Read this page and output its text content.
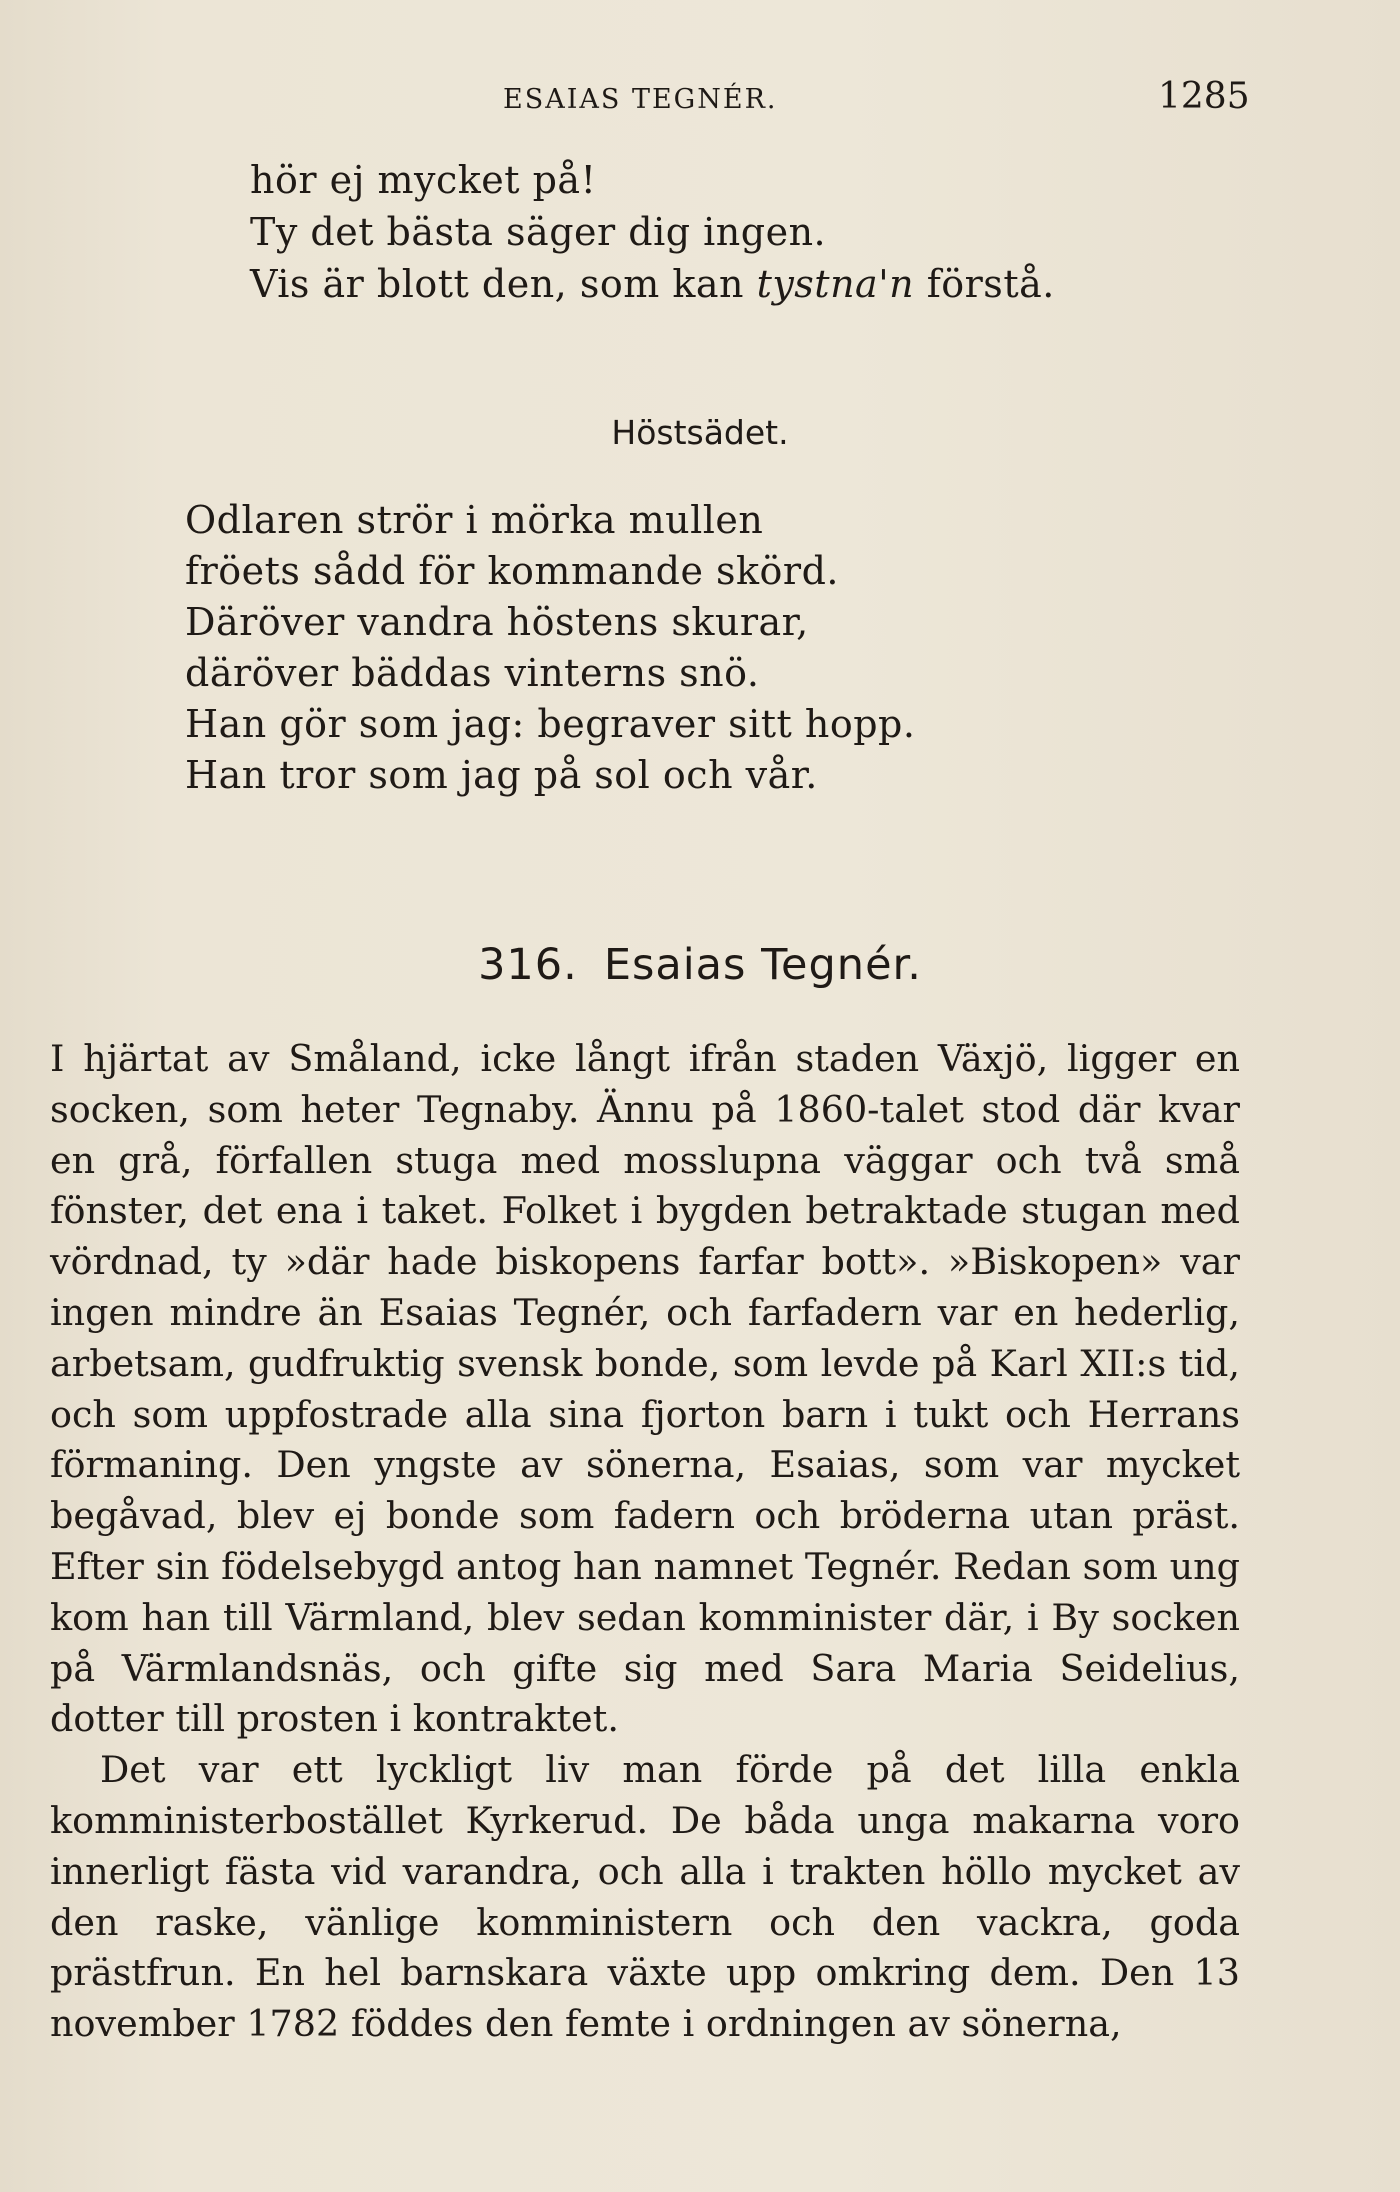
ESAIAS TEGNÉR.	1285
hör ej mycket på!
Ty det bästa säger dig ingen.
Vis är blott den, som kan tystna'n förstå.
Höstsädet.
Odlaren strör i mörka mullen
fröets sådd för kommande skörd.
Däröver vandra höstens skurar,
däröver bäddas vinterns snö.
Han gör som jag: begraver sitt hopp.
Han tror som jag på sol och vår.
316. Esaias Tegnér.

I hjärtat av Småland, icke långt ifrån staden Växjö, ligger en socken, som heter Tegnaby. Ännu på 1860-talet stod där kvar en grå, förfallen stuga med mosslupna väggar och två små fönster, det ena i taket. Folket i bygden betraktade stugan med vördnad, ty »där hade biskopens farfar bott». »Biskopen» var ingen mindre än Esaias Tegnér, och farfadern var en hederlig, arbetsam, gudfruktig svensk bonde, som levde på Karl XII:s tid, och som uppfostrade alla sina fjorton barn i tukt och Herrans förmaning. Den yngste av sönerna, Esaias, som var mycket begåvad, blev ej bonde som fadern och bröderna utan präst. Efter sin födelsebygd antog han namnet Tegnér. Redan som ung kom han till Värmland, blev sedan komminister där, i By socken på Värmlandsnäs, och gifte sig med Sara Maria Seidelius, dotter till prosten i kontraktet.

Det var ett lyckligt liv man förde på det lilla enkla komministerbostället Kyrkerud. De båda unga makarna voro innerligt fästa vid varandra, och alla i trakten höllo mycket av den raske, vänlige komministern och den vackra, goda prästfrun. En hel barnskara växte upp omkring dem. Den 13 november 1782 föddes den femte i ordningen av sönerna,
